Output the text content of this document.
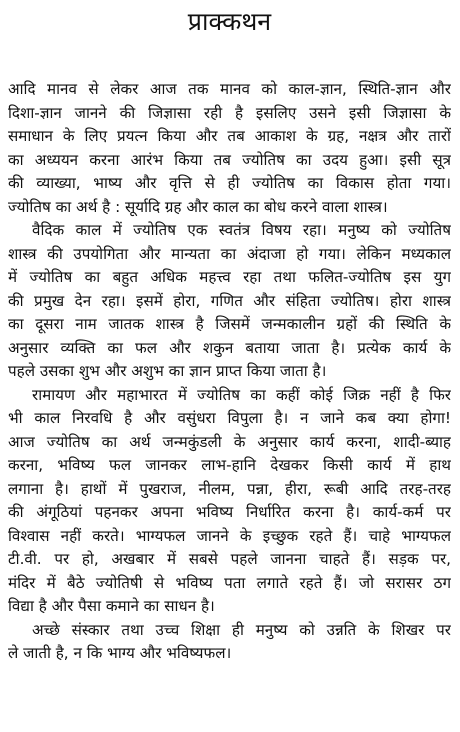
प्राक्कथन
आदि मानव से लेकर आज तक मानव को काल-ज्ञान, स्थिति-ज्ञान और
दिशा-ज्ञान जानने की जिज्ञासा रही है इसलिए उसने इसी जिज्ञासा के
समाधान के लिए प्रयत्न किया और तब आकाश के ग्रह, नक्षत्र और तारों
का अध्ययन करना आरंभ किया तब ज्योतिष का उदय हुआ। इसी सूत्र
की व्याख्या, भाष्य और वृत्ति से ही ज्योतिष का विकास होता गया।
ज्योतिष का अर्थ है : सूर्यादि ग्रह और काल का बोध करने वाला शास्त्र।
वैदिक काल में ज्योतिष एक स्वतंत्र विषय रहा। मनुष्य को ज्योतिष
शास्त्र की उपयोगिता और मान्यता का अंदाजा हो गया। लेकिन मध्यकाल
में ज्योतिष का बहुत अधिक महत्त्व रहा तथा फलित-ज्योतिष इस युग
की प्रमुख देन रहा। इसमें होरा, गणित और संहिता ज्योतिष। होरा शास्त्र
का दूसरा नाम जातक शास्त्र है जिसमें जन्मकालीन ग्रहों की स्थिति के
अनुसार व्यक्ति का फल और शकुन बताया जाता है। प्रत्येक कार्य के
पहले उसका शुभ और अशुभ का ज्ञान प्राप्त किया जाता है।
रामायण और महाभारत में ज्योतिष का कहीं कोई जिक्र नहीं है फिर
भी काल निरवधि है और वसुंधरा विपुला है। न जाने कब क्या होगा!
आज ज्योतिष का अर्थ जन्मकुंडली के अनुसार कार्य करना, शादी-ब्याह
करना, भविष्य फल जानकर लाभ-हानि देखकर किसी कार्य में हाथ
लगाना है। हाथों में पुखराज, नीलम, पन्ना, हीरा, रूबी आदि तरह-तरह
की अंगूठियां पहनकर अपना भविष्य निर्धारित करना है। कार्य-कर्म पर
विश्वास नहीं करते। भाग्यफल जानने के इच्छुक रहते हैं। चाहे भाग्यफल
टी.वी. पर हो, अखबार में सबसे पहले जानना चाहते हैं। सड़क पर,
मंदिर में बैठे ज्योतिषी से भविष्य पता लगाते रहते हैं। जो सरासर ठग
विद्या है और पैसा कमाने का साधन है।
अच्छे संस्कार तथा उच्च शिक्षा ही मनुष्य को उन्नति के शिखर पर
ले जाती है, न कि भाग्य और भविष्यफल।
